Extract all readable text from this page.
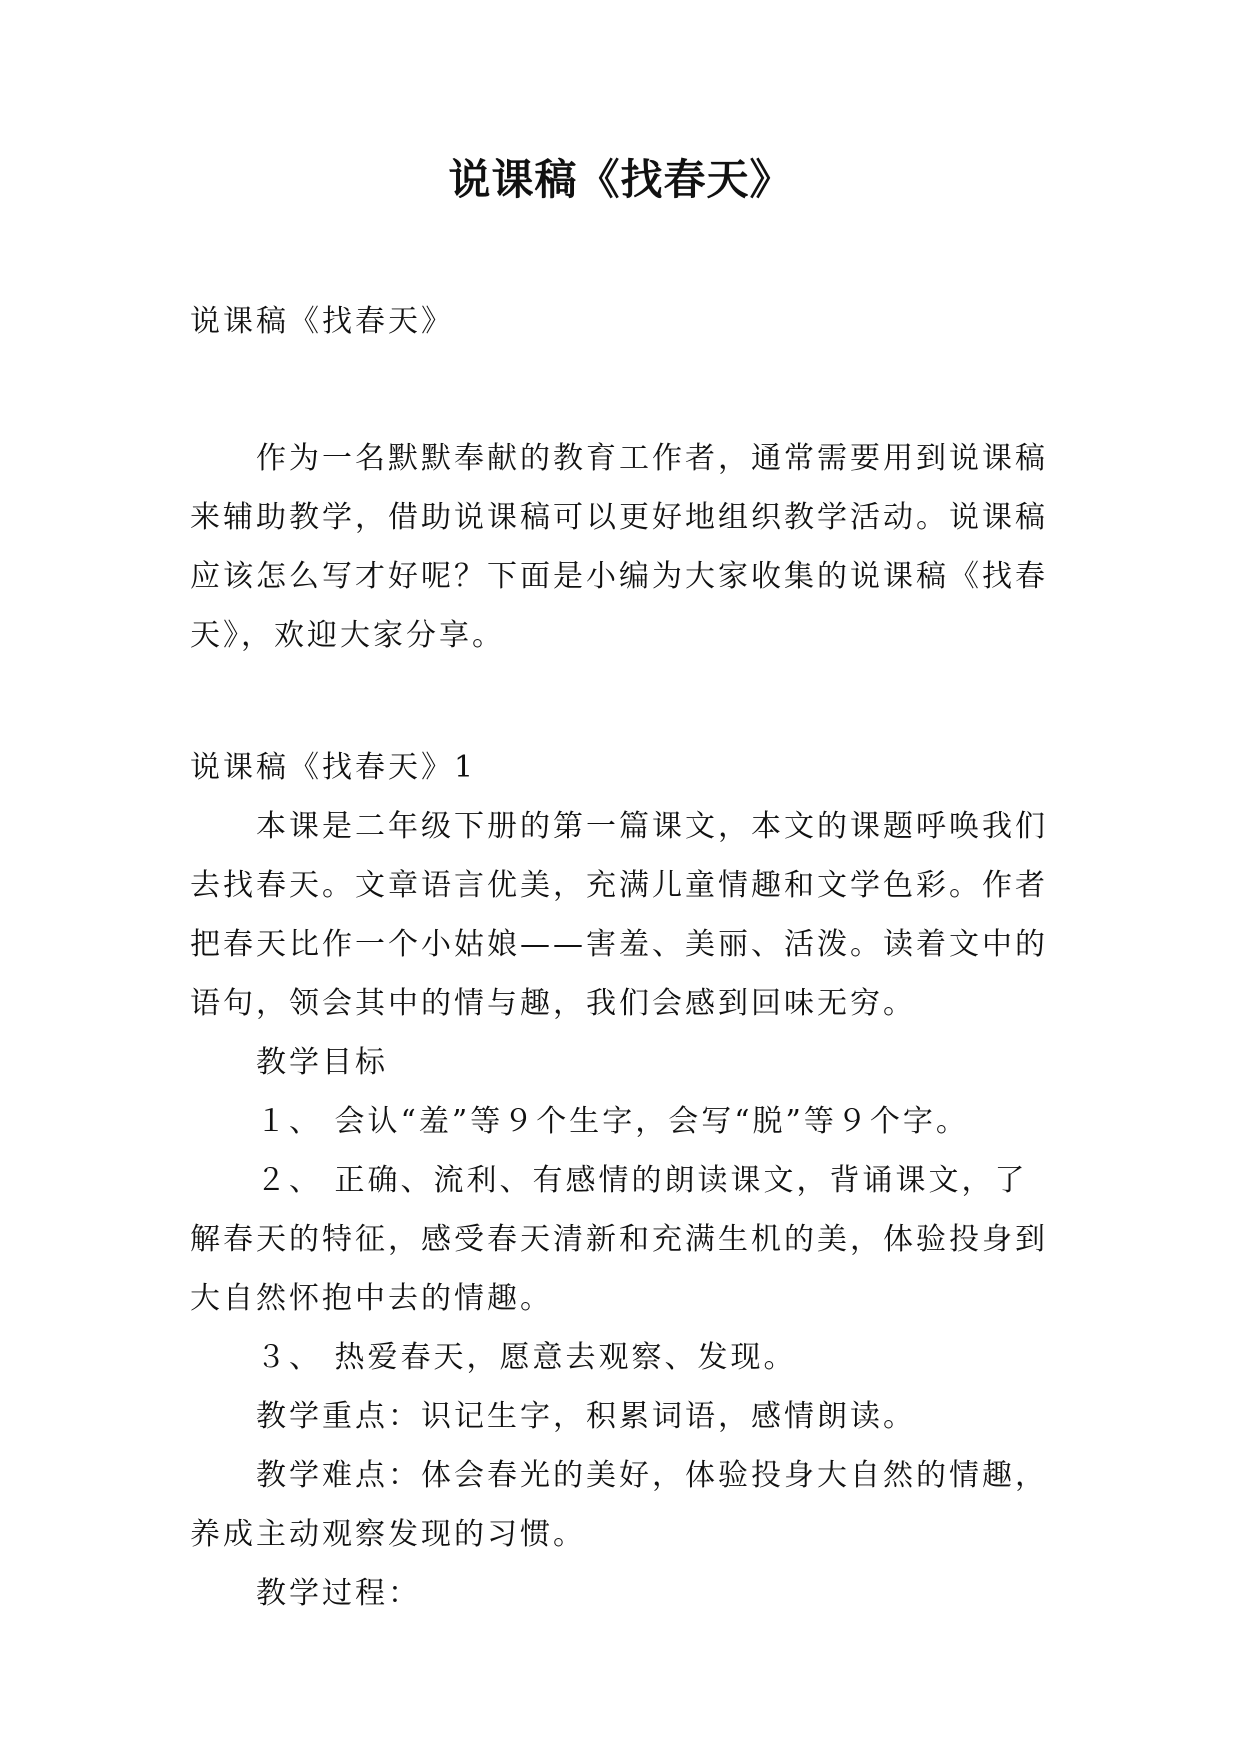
说课稿《找春天》

说课稿《找春天》

作为一名默默奉献的教育工作者，通常需要用到说课稿来辅助教学，借助说课稿可以更好地组织教学活动。说课稿应该怎么写才好呢？下面是小编为大家收集的说课稿《找春天》，欢迎大家分享。

说课稿《找春天》1

本课是二年级下册的第一篇课文，本文的课题呼唤我们去找春天。文章语言优美，充满儿童情趣和文学色彩。作者把春天比作一个小姑娘——害羞、美丽、活泼。读着文中的语句，领会其中的情与趣，我们会感到回味无穷。

教学目标

１、 会认“羞”等９个生字，会写“脱”等９个字。

２、 正确、流利、有感情的朗读课文，背诵课文，了解春天的特征，感受春天清新和充满生机的美，体验投身到大自然怀抱中去的情趣。

３、 热爱春天，愿意去观察、发现。

教学重点：识记生字，积累词语，感情朗读。

教学难点：体会春光的美好，体验投身大自然的情趣，养成主动观察发现的习惯。

教学过程：
